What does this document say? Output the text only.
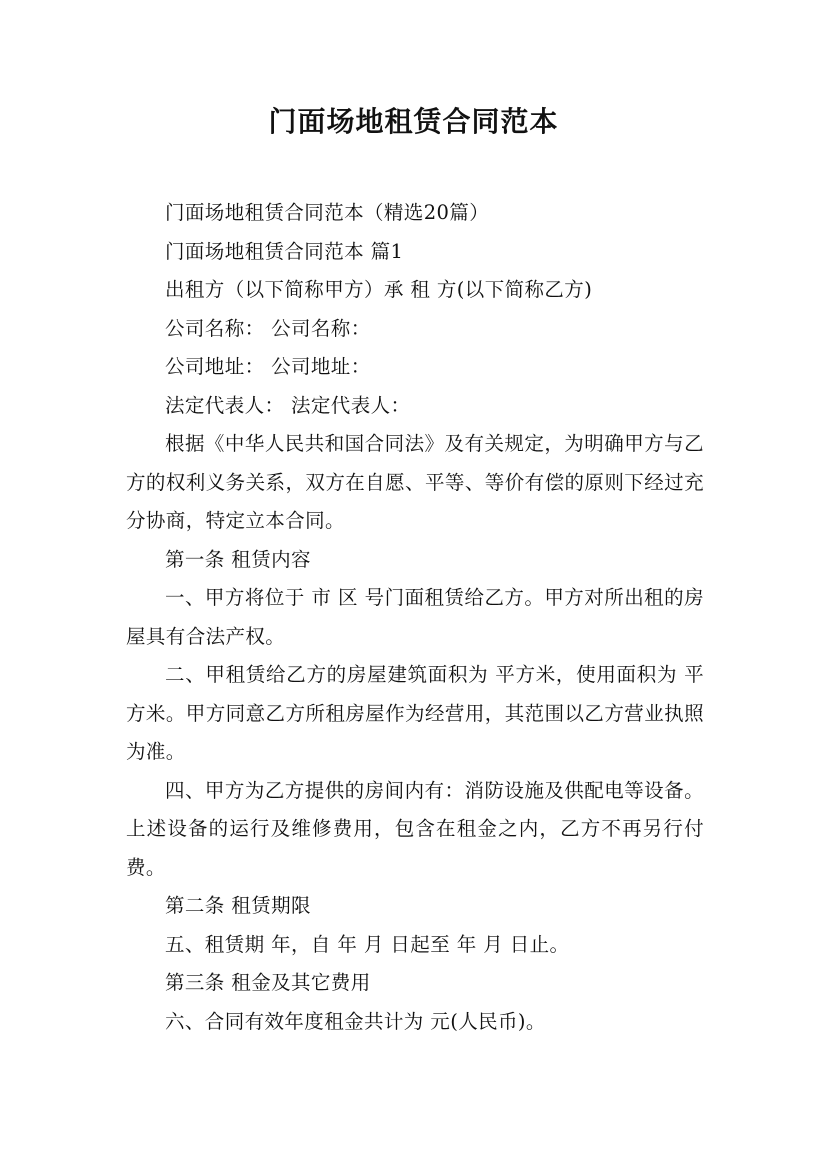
门面场地租赁合同范本

门面场地租赁合同范本（精选20篇）

门面场地租赁合同范本 篇1

出租方（以下简称甲方）承 租 方(以下简称乙方)

公司名称： 公司名称：

公司地址： 公司地址：

法定代表人： 法定代表人：

根据《中华人民共和国合同法》及有关规定，为明确甲方与乙方的权利义务关系，双方在自愿、平等、等价有偿的原则下经过充分协商，特定立本合同。

第一条 租赁内容

一、甲方将位于 市 区 号门面租赁给乙方。甲方对所出租的房屋具有合法产权。

二、甲租赁给乙方的房屋建筑面积为 平方米，使用面积为 平方米。甲方同意乙方所租房屋作为经营用，其范围以乙方营业执照为准。

四、甲方为乙方提供的房间内有：消防设施及供配电等设备。上述设备的运行及维修费用，包含在租金之内，乙方不再另行付费。

第二条 租赁期限

五、租赁期 年，自 年 月 日起至 年 月 日止。

第三条 租金及其它费用

六、合同有效年度租金共计为 元(人民币)。
